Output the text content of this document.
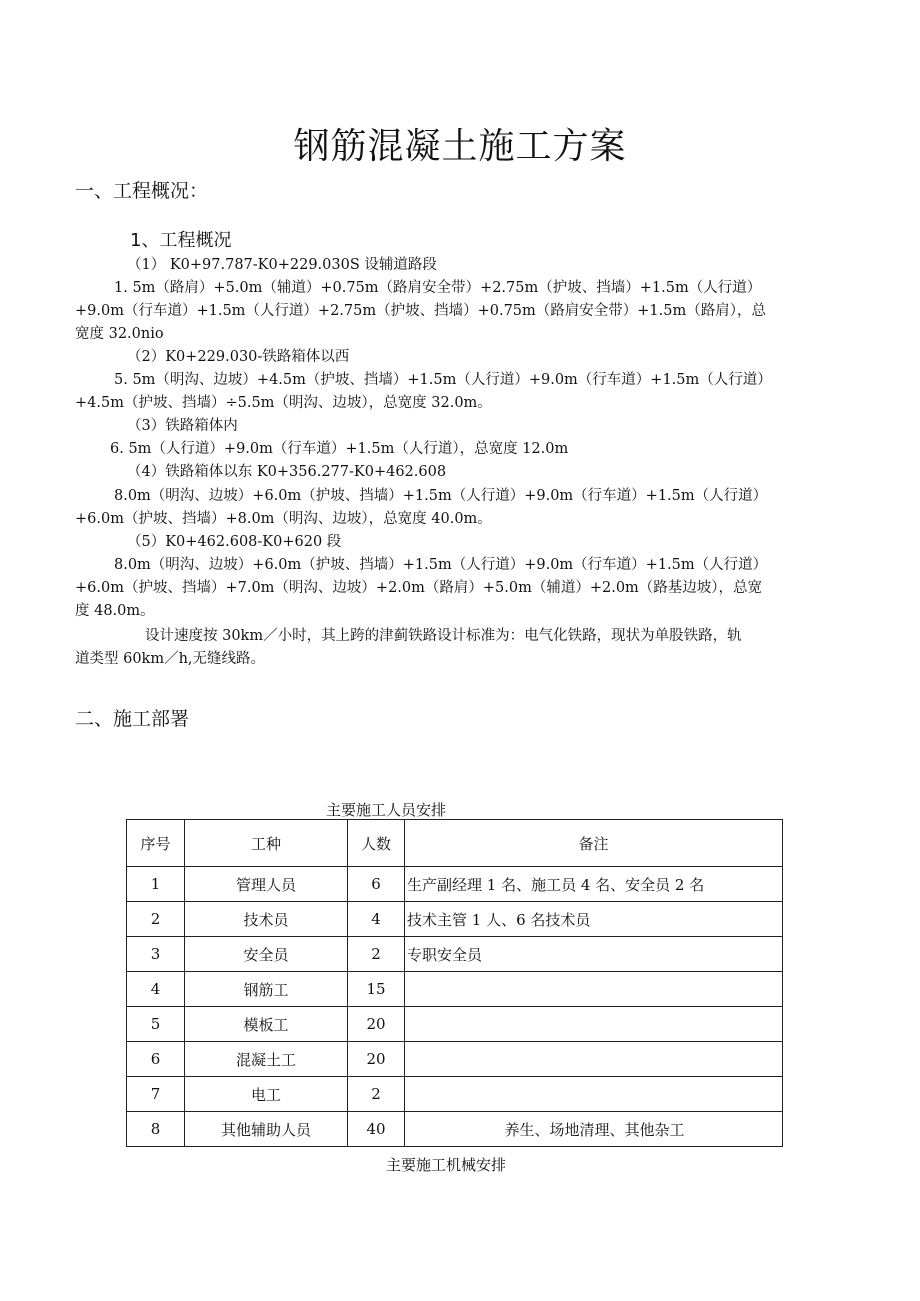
钢筋混凝土施工方案
一、工程概况：
1、工程概况
（1） K0+97.787-K0+229.030S 设辅道路段
1. 5m（路肩）+5.0m（辅道）+0.75m（路肩安全带）+2.75m（护坡、挡墙）+1.5m（人行道）
+9.0m（行车道）+1.5m（人行道）+2.75m（护坡、挡墙）+0.75m（路肩安全带）+1.5m（路肩），总
宽度 32.0nio
（2）K0+229.030-铁路箱体以西
5. 5m（明沟、边坡）+4.5m（护坡、挡墙）+1.5m（人行道）+9.0m（行车道）+1.5m（人行道）
+4.5m（护坡、挡墙）÷5.5m（明沟、边坡），总宽度 32.0m。
（3）铁路箱体内
6. 5m（人行道）+9.0m（行车道）+1.5m（人行道），总宽度 12.0m
（4）铁路箱体以东 K0+356.277-K0+462.608
8.0m（明沟、边坡）+6.0m（护坡、挡墙）+1.5m（人行道）+9.0m（行车道）+1.5m（人行道）
+6.0m（护坡、挡墙）+8.0m（明沟、边坡），总宽度 40.0m。
（5）K0+462.608-K0+620 段
8.0m（明沟、边坡）+6.0m（护坡、挡墙）+1.5m（人行道）+9.0m（行车道）+1.5m（人行道）
+6.0m（护坡、挡墙）+7.0m（明沟、边坡）+2.0m（路肩）+5.0m（辅道）+2.0m（路基边坡），总宽
度 48.0m。
设计速度按 30km／小时，其上跨的津蓟铁路设计标准为：电气化铁路，现状为单股铁路，轨
道类型 60km／h,无缝线路。
二、施工部署
主要施工人员安排
序号	工种	人数	备注
1	管理人员	6	生产副经理 1 名、施工员 4 名、安全员 2 名
2	技术员	4	技术主管 1 人、6 名技术员
3	安全员	2	专职安全员
4	钢筋工	15	
5	模板工	20	
6	混凝土工	20	
7	电工	2	
8	其他辅助人员	40	养生、场地清理、其他杂工
主要施工机械安排
